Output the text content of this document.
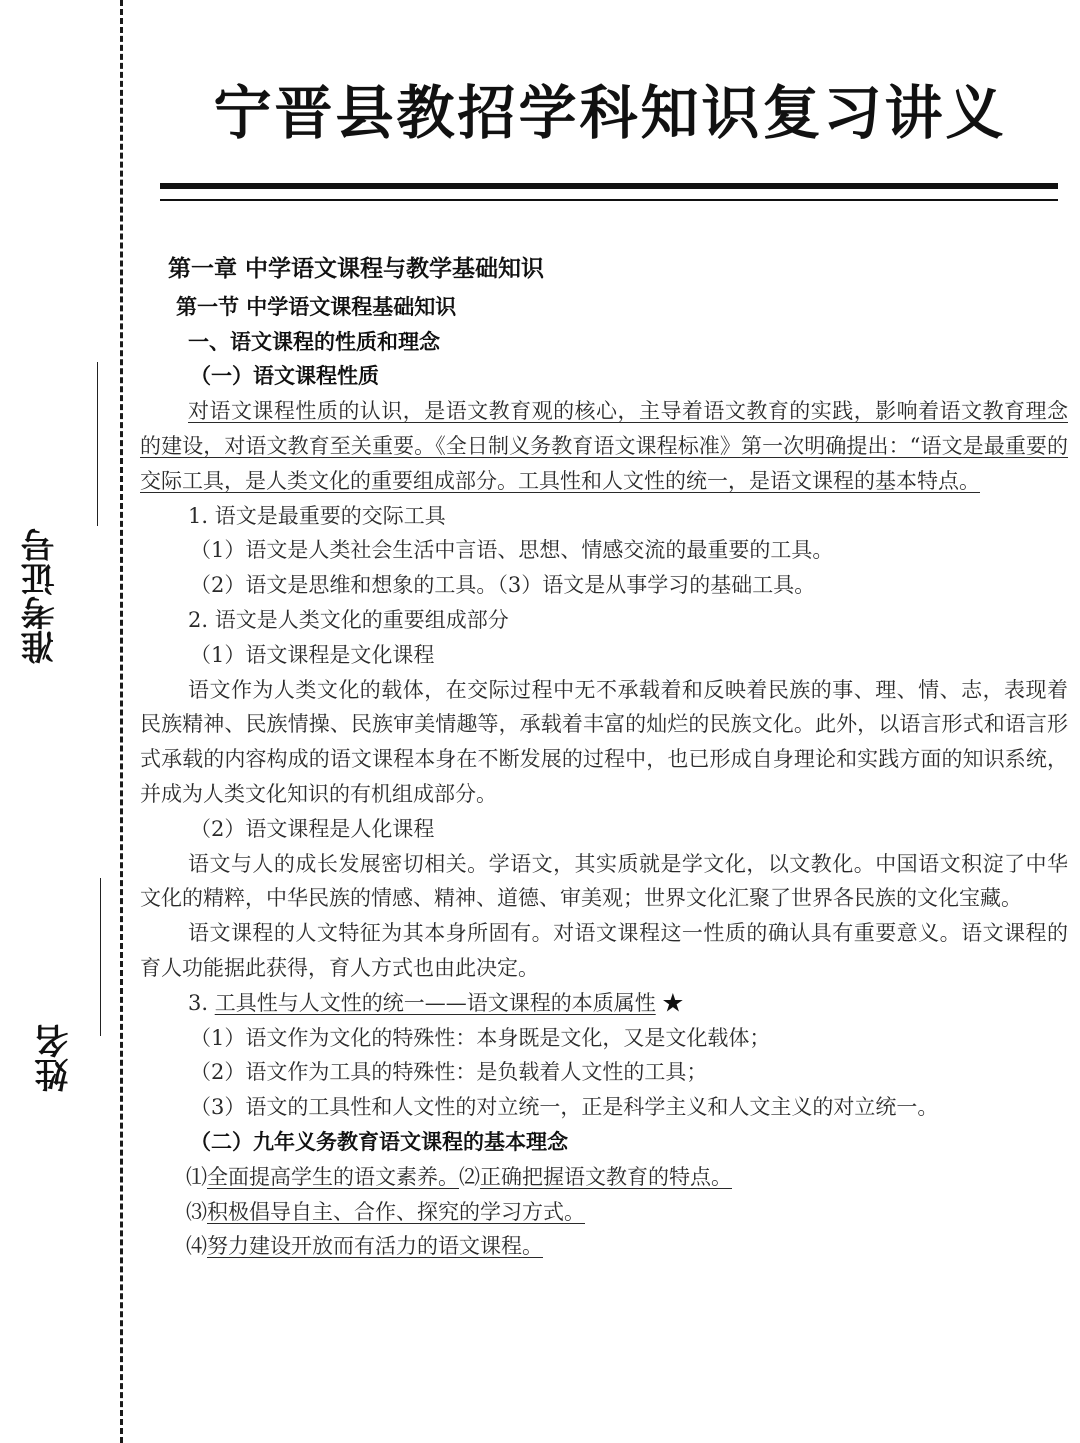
准考证号
姓名
宁晋县教招学科知识复习讲义
第一章 中学语文课程与教学基础知识
第一节 中学语文课程基础知识
一、语文课程的性质和理念
（一）语文课程性质

对语文课程性质的认识，是语文教育观的核心，主导着语文教育的实践，影响着语文教育理念的建设，对语文教育至关重要。《全日制义务教育语文课程标准》第一次明确提出：“语文是最重要的交际工具，是人类文化的重要组成部分。工具性和人文性的统一，是语文课程的基本特点。

1. 语文是最重要的交际工具
（1）语文是人类社会生活中言语、思想、情感交流的最重要的工具。
（2）语文是思维和想象的工具。（3）语文是从事学习的基础工具。
2. 语文是人类文化的重要组成部分
（1）语文课程是文化课程

语文作为人类文化的载体，在交际过程中无不承载着和反映着民族的事、理、情、志，表现着民族精神、民族情操、民族审美情趣等，承载着丰富的灿烂的民族文化。此外，以语言形式和语言形式承载的内容构成的语文课程本身在不断发展的过程中，也已形成自身理论和实践方面的知识系统，并成为人类文化知识的有机组成部分。

（2）语文课程是人化课程

语文与人的成长发展密切相关。学语文，其实质就是学文化，以文教化。中国语文积淀了中华文化的精粹，中华民族的情感、精神、道德、审美观；世界文化汇聚了世界各民族的文化宝藏。

语文课程的人文特征为其本身所固有。对语文课程这一性质的确认具有重要意义。语文课程的育人功能据此获得，育人方式也由此决定。

3. 工具性与人文性的统一——语文课程的本质属性 ★
（1）语文作为文化的特殊性：本身既是文化，又是文化载体；
（2）语文作为工具的特殊性：是负载着人文性的工具；
（3）语文的工具性和人文性的对立统一，正是科学主义和人文主义的对立统一。
（二）九年义务教育语文课程的基本理念
⑴全面提高学生的语文素养。⑵正确把握语文教育的特点。
⑶积极倡导自主、合作、探究的学习方式。
⑷努力建设开放而有活力的语文课程。
